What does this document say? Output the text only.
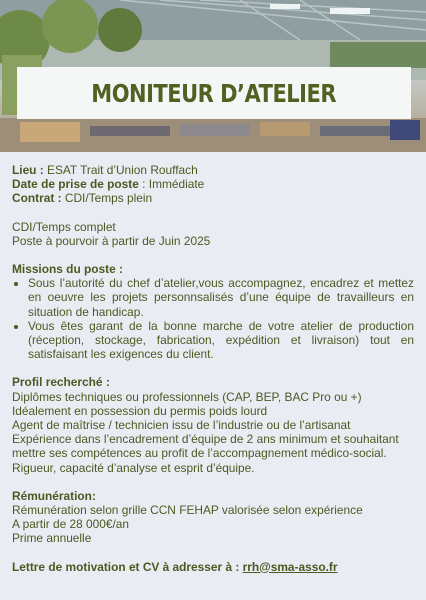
MONITEUR D’ATELIER

Lieu : ESAT Trait d’Union Rouffach

Date de prise de poste : Immédiate

Contrat : CDI/Temps plein

CDI/Temps complet

Poste à pourvoir à partir de Juin 2025

Missions du poste :

• Sous l’autorité du chef d’atelier,vous accompagnez, encadrez et mettez en oeuvre les projets personnsalisés d’une équipe de travailleurs en situation de handicap.
• Vous êtes garant de la bonne marche de votre atelier de production (réception, stockage, fabrication, expédition et livraison) tout en satisfaisant les exigences du client.

Profil recherché :

Diplômes techniques ou professionnels (CAP, BEP, BAC Pro ou +)

Idéalement en possession du permis poids lourd

Agent de maîtrise / technicien issu de l’industrie ou de l’artisanat

Expérience dans l’encadrement d’équipe de 2 ans minimum et souhaitant mettre ses compétences au profit de l’accompagnement médico-social.

Rigueur, capacité d’analyse et esprit d’équipe.

Rémunération:

Rémunération selon grille CCN FEHAP valorisée selon expérience

A partir de 28 000€/an

Prime annuelle

Lettre de motivation et CV à adresser à : rrh@sma-asso.fr
